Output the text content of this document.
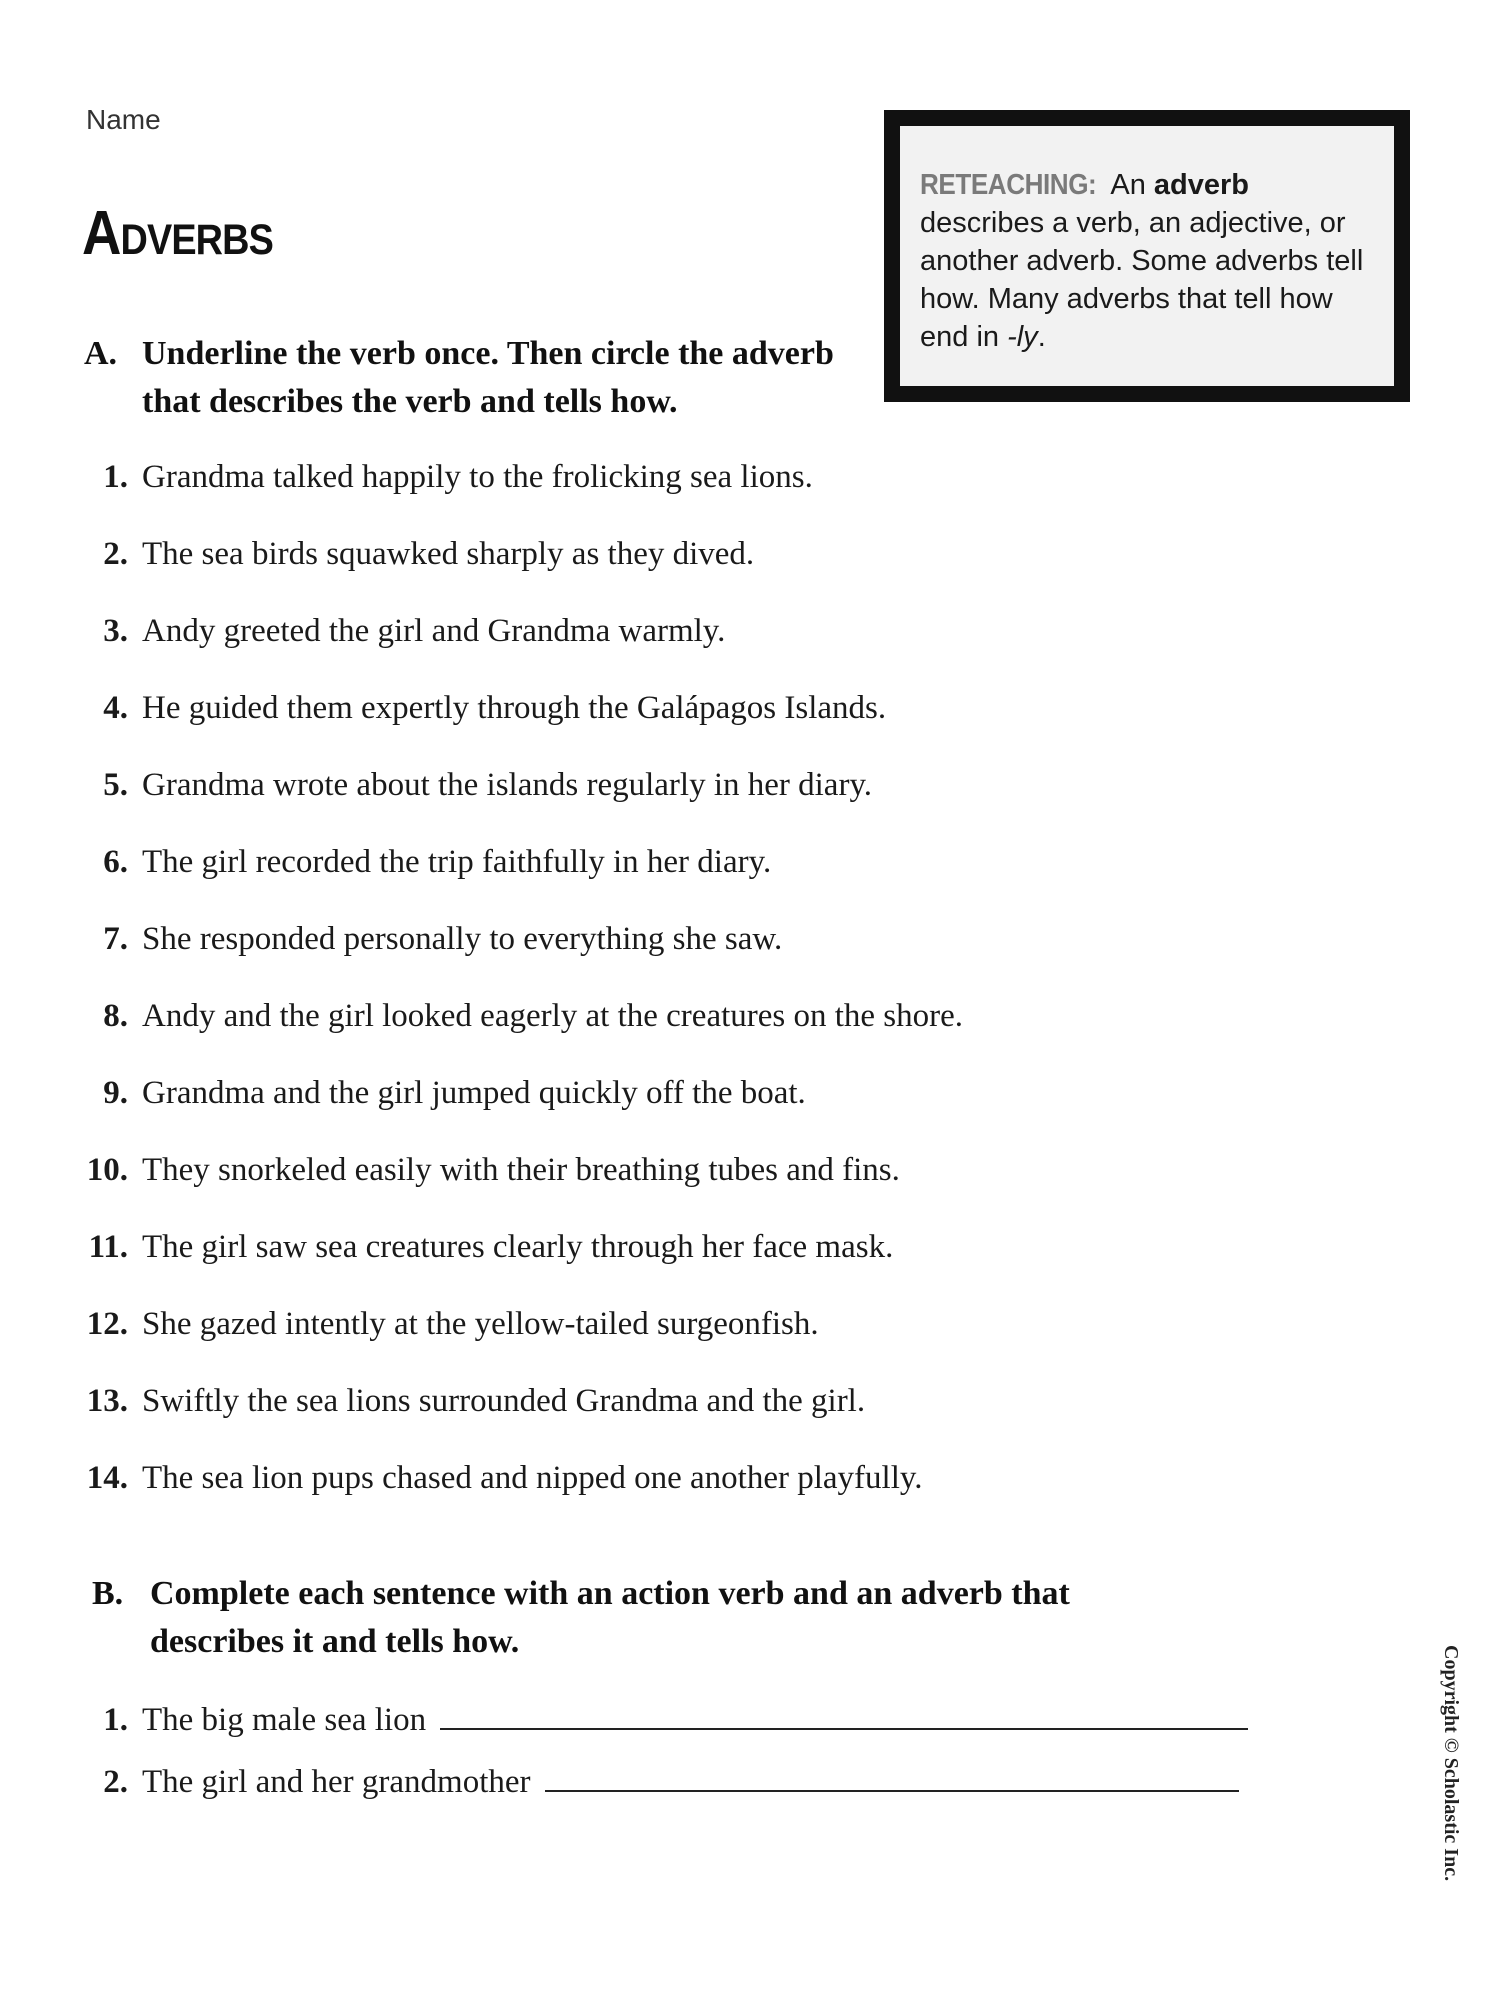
Name
Adverbs
RETEACHING: An adverb describes a verb, an adjective, or another adverb. Some adverbs tell how. Many adverbs that tell how end in -ly.
A. Underline the verb once. Then circle the adverb that describes the verb and tells how.
1. Grandma talked happily to the frolicking sea lions.
2. The sea birds squawked sharply as they dived.
3. Andy greeted the girl and Grandma warmly.
4. He guided them expertly through the Galápagos Islands.
5. Grandma wrote about the islands regularly in her diary.
6. The girl recorded the trip faithfully in her diary.
7. She responded personally to everything she saw.
8. Andy and the girl looked eagerly at the creatures on the shore.
9. Grandma and the girl jumped quickly off the boat.
10. They snorkeled easily with their breathing tubes and fins.
11. The girl saw sea creatures clearly through her face mask.
12. She gazed intently at the yellow-tailed surgeonfish.
13. Swiftly the sea lions surrounded Grandma and the girl.
14. The sea lion pups chased and nipped one another playfully.
B. Complete each sentence with an action verb and an adverb that describes it and tells how.
1. The big male sea lion
2. The girl and her grandmother	Copyright © Scholastic Inc.
